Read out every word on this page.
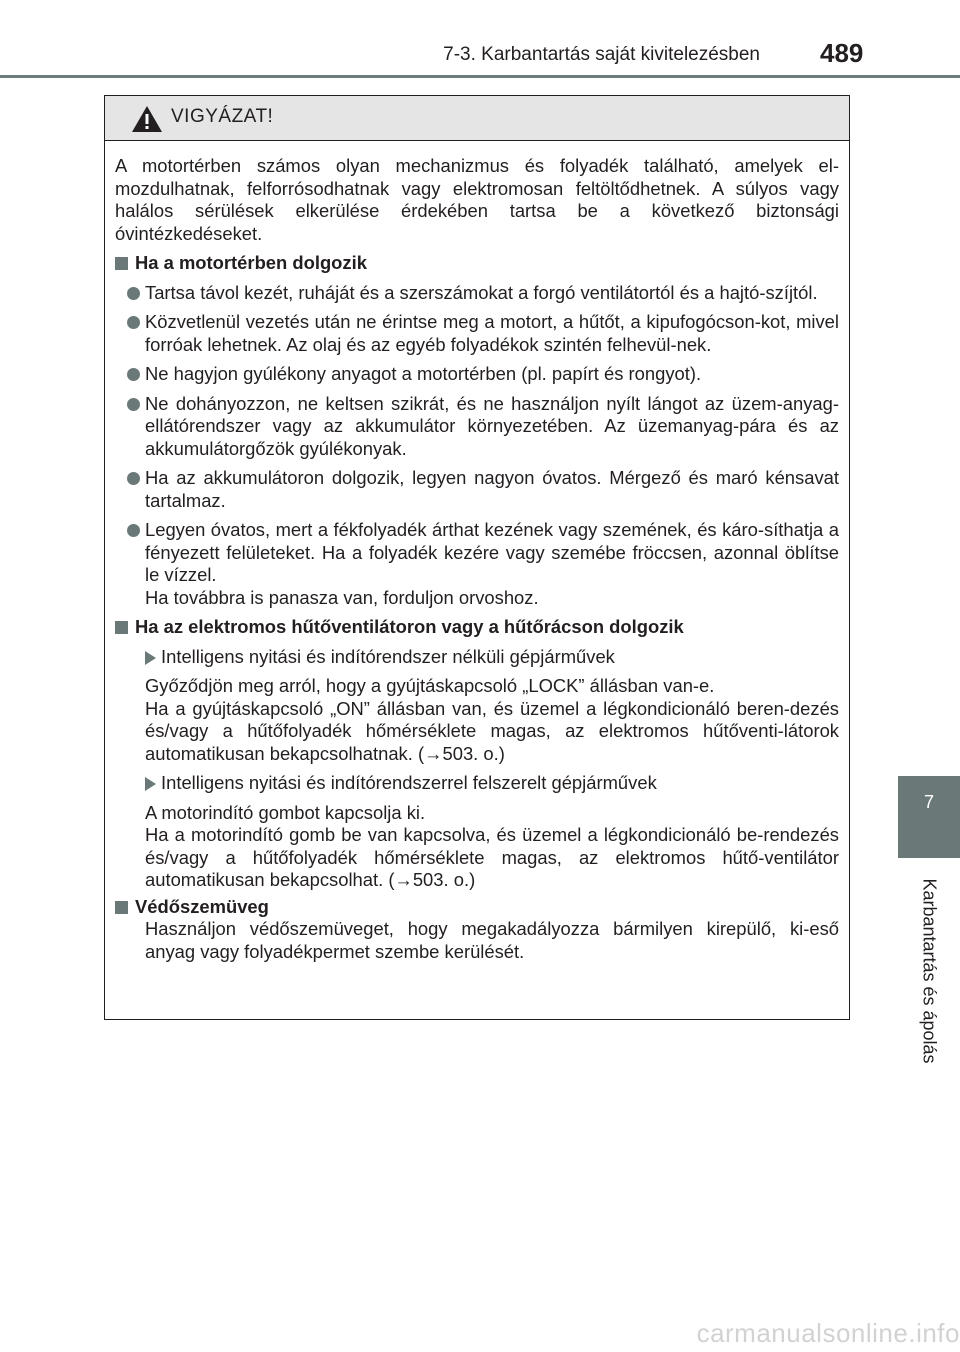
7-3. Karbantartás saját kivitelezésben 489
7
Karbantartás és ápolás
VIGYÁZAT!
A motortérben számos olyan mechanizmus és folyadék található, amelyek el-mozdulhatnak, felforrósodhatnak vagy elektromosan feltöltődhetnek. A súlyos vagy halálos sérülések elkerülése érdekében tartsa be a következő biztonsági óvintézkedéseket.
Ha a motortérben dolgozik
Tartsa távol kezét, ruháját és a szerszámokat a forgó ventilátortól és a hajtó-szíjtól.
Közvetlenül vezetés után ne érintse meg a motort, a hűtőt, a kipufogócson-kot, mivel forróak lehetnek. Az olaj és az egyéb folyadékok szintén felhevül-nek.
Ne hagyjon gyúlékony anyagot a motortérben (pl. papírt és rongyot).
Ne dohányozzon, ne keltsen szikrát, és ne használjon nyílt lángot az üzem-anyag-ellátórendszer vagy az akkumulátor környezetében. Az üzemanyag-pára és az akkumulátorgőzök gyúlékonyak.
Ha az akkumulátoron dolgozik, legyen nagyon óvatos. Mérgező és maró kénsavat tartalmaz.
Legyen óvatos, mert a fékfolyadék árthat kezének vagy szemének, és káro-síthatja a fényezett felületeket. Ha a folyadék kezére vagy szemébe fröccsen, azonnal öblítse le vízzel.
Ha továbbra is panasza van, forduljon orvoshoz.
Ha az elektromos hűtőventilátoron vagy a hűtőrácson dolgozik
Intelligens nyitási és indítórendszer nélküli gépjárművek
Győződjön meg arról, hogy a gyújtáskapcsoló „LOCK” állásban van-e.
Ha a gyújtáskapcsoló „ON” állásban van, és üzemel a légkondicionáló beren-dezés és/vagy a hűtőfolyadék hőmérséklete magas, az elektromos hűtőventi-látorok automatikusan bekapcsolhatnak. (→503. o.)
Intelligens nyitási és indítórendszerrel felszerelt gépjárművek
A motorindító gombot kapcsolja ki.
Ha a motorindító gomb be van kapcsolva, és üzemel a légkondicionáló be-rendezés és/vagy a hűtőfolyadék hőmérséklete magas, az elektromos hűtő-ventilátor automatikusan bekapcsolhat. (→503. o.)
Védőszemüveg
Használjon védőszemüveget, hogy megakadályozza bármilyen kirepülő, ki-eső anyag vagy folyadékpermet szembe kerülését.
carmanualsonline.info
